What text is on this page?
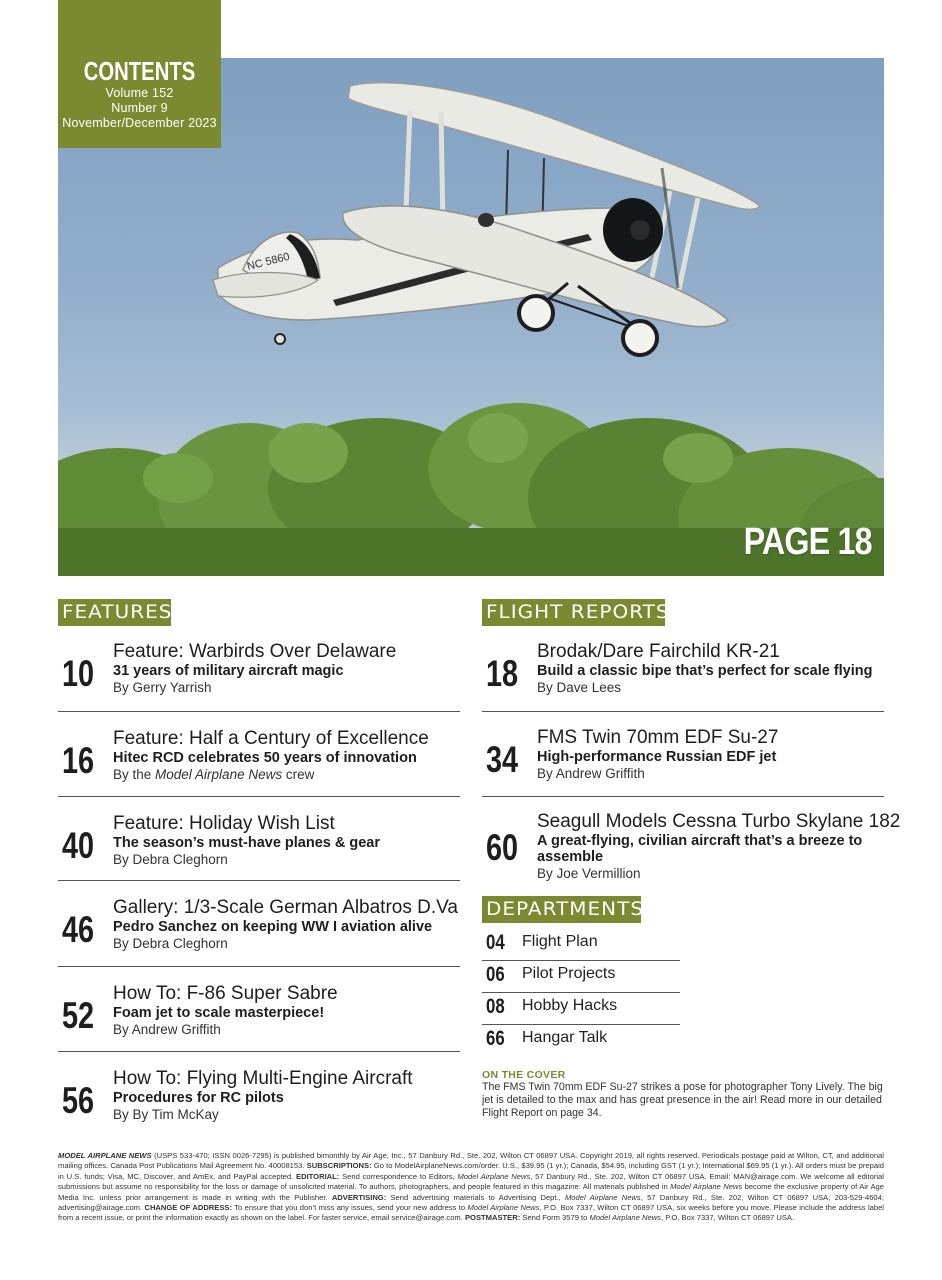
NC 5860
PAGE 18
CONTENTS
Volume 152
Number 9
November/December 2023
FEATURES
10
Feature: Warbirds Over Delaware
31 years of military aircraft magic
By Gerry Yarrish
16
Feature: Half a Century of Excellence
Hitec RCD celebrates 50 years of innovation
By the Model Airplane News crew
40
Feature: Holiday Wish List
The season’s must-have planes & gear
By Debra Cleghorn
46
Gallery: 1/3-Scale German Albatros D.Va
Pedro Sanchez on keeping WW I aviation alive
By Debra Cleghorn
52
How To: F-86 Super Sabre
Foam jet to scale masterpiece!
By Andrew Griffith
56
How To: Flying Multi-Engine Aircraft
Procedures for RC pilots
By By Tim McKay
FLIGHT REPORTS
18
Brodak/Dare Fairchild KR-21
Build a classic bipe that’s perfect for scale flying
By Dave Lees
34
FMS Twin 70mm EDF Su-27
High-performance Russian EDF jet
By Andrew Griffith
60
Seagull Models Cessna Turbo Skylane 182
A great-flying, civilian aircraft that’s a breeze to assemble
By Joe Vermillion
DEPARTMENTS
04 Flight Plan
06 Pilot Projects
08 Hobby Hacks
66 Hangar Talk
ON THE COVER
The FMS Twin 70mm EDF Su-27 strikes a pose for photographer Tony Lively. The big jet is detailed to the max and has great presence in the air! Read more in our detailed Flight Report on page 34.
MODEL AIRPLANE NEWS (USPS 533-470; ISSN 0026-7295) is published bimonthly by Air Age, Inc., 57 Danbury Rd., Ste. 202, Wilton CT 06897 USA. Copyright 2019, all rights reserved. Periodicals postage paid at Wilton, CT, and additional mailing offices. Canada Post Publications Mail Agreement No. 40008153. SUBSCRIPTIONS: Go to ModelAirplaneNews.com/order. U.S., $39.95 (1 yr.); Canada, $54.95, including GST (1 yr.); International $69.95 (1 yr.). All orders must be prepaid in U.S. funds; Visa, MC, Discover, and AmEx, and PayPal accepted. EDITORIAL: Send correspondence to Editors, Model Airplane News, 57 Danbury Rd., Ste. 202, Wilton CT 06897 USA. Email: MAN@airage.com. We welcome all editorial submissions but assume no responsibility for the loss or damage of unsolicited material. To authors, photographers, and people featured in this magazine: All materials published in Model Airplane News become the exclusive property of Air Age Media Inc. unless prior arrangement is made in writing with the Publisher. ADVERTISING: Send advertising materials to Advertising Dept., Model Airplane News, 57 Danbury Rd., Ste. 202, Wilton CT 06897 USA; 203-529-4604; advertising@airage.com. CHANGE OF ADDRESS: To ensure that you don’t miss any issues, send your new address to Model Airplane News, P.O. Box 7337, Wilton CT 06897 USA, six weeks before you move. Please include the address label from a recent issue, or print the information exactly as shown on the label. For faster service, email service@airage.com. POSTMASTER: Send Form 3579 to Model Airplane News, P.O. Box 7337, Wilton CT 06897 USA.
